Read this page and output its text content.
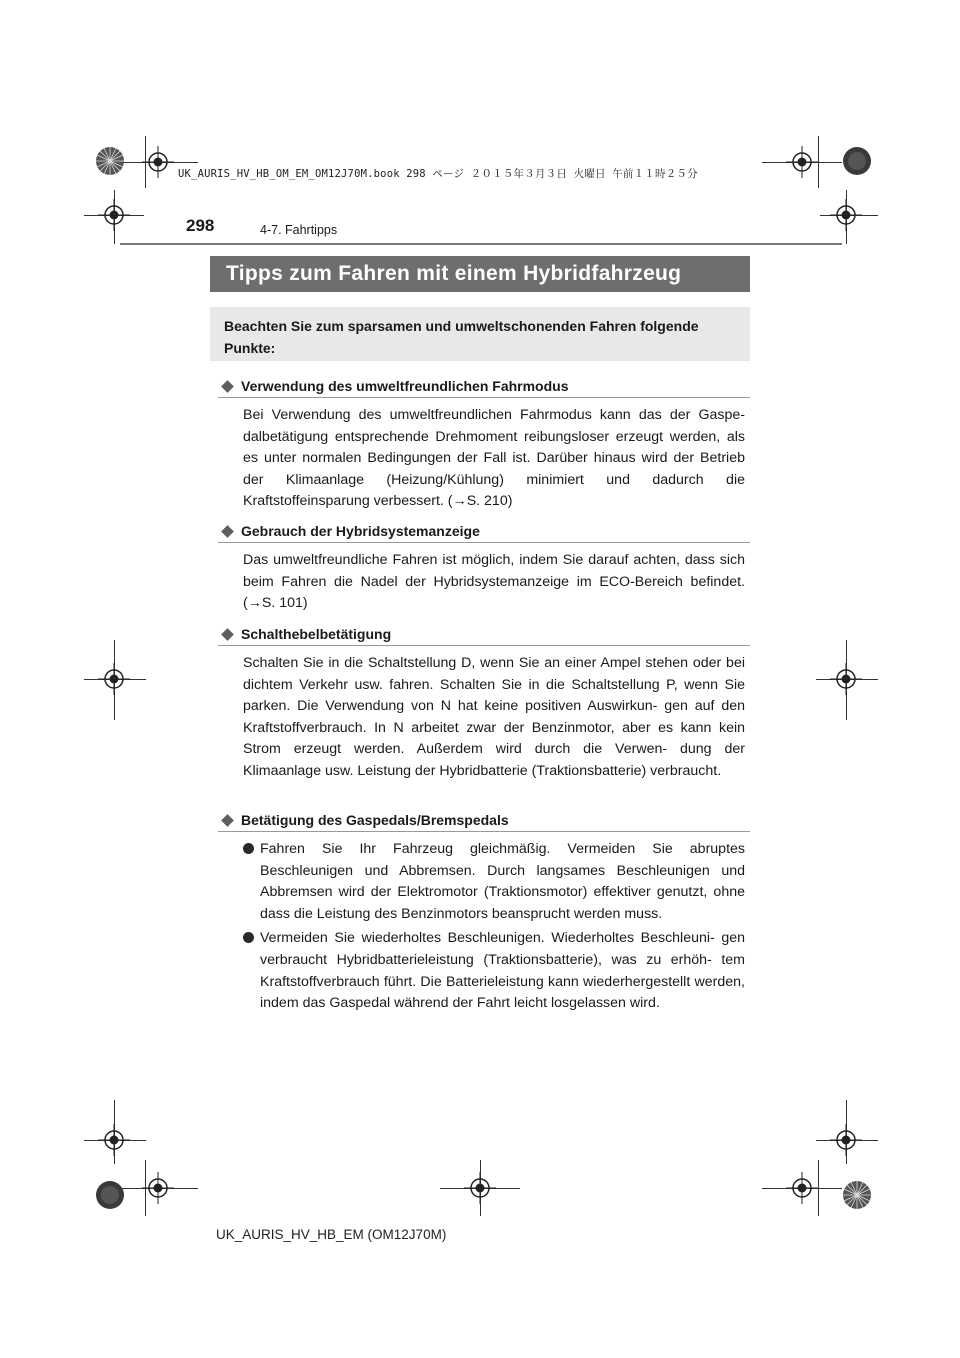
UK_AURIS_HV_HB_OM_EM_OM12J70M.book 298 ページ ２０１５年３月３日 火曜日 午前１１時２５分
298	4-7. Fahrtipps
Tipps zum Fahren mit einem Hybridfahrzeug
Beachten Sie zum sparsamen und umweltschonenden Fahren folgende Punkte:
Verwendung des umweltfreundlichen Fahrmodus
Bei Verwendung des umweltfreundlichen Fahrmodus kann das der Gaspe- dalbetätigung entsprechende Drehmoment reibungsloser erzeugt werden, als es unter normalen Bedingungen der Fall ist. Darüber hinaus wird der Betrieb der Klimaanlage (Heizung/Kühlung) minimiert und dadurch die Kraftstoffeinsparung verbessert. (→S. 210)
Gebrauch der Hybridsystemanzeige
Das umweltfreundliche Fahren ist möglich, indem Sie darauf achten, dass sich beim Fahren die Nadel der Hybridsystemanzeige im ECO-Bereich befindet. (→S. 101)
Schalthebelbetätigung
Schalten Sie in die Schaltstellung D, wenn Sie an einer Ampel stehen oder bei dichtem Verkehr usw. fahren. Schalten Sie in die Schaltstellung P, wenn Sie parken. Die Verwendung von N hat keine positiven Auswirkun- gen auf den Kraftstoffverbrauch. In N arbeitet zwar der Benzinmotor, aber es kann kein Strom erzeugt werden. Außerdem wird durch die Verwen- dung der Klimaanlage usw. Leistung der Hybridbatterie (Traktionsbatterie) verbraucht.
Betätigung des Gaspedals/Bremspedals
Fahren Sie Ihr Fahrzeug gleichmäßig. Vermeiden Sie abruptes Beschleunigen und Abbremsen. Durch langsames Beschleunigen und Abbremsen wird der Elektromotor (Traktionsmotor) effektiver genutzt, ohne dass die Leistung des Benzinmotors beansprucht werden muss.
Vermeiden Sie wiederholtes Beschleunigen. Wiederholtes Beschleuni- gen verbraucht Hybridbatterieleistung (Traktionsbatterie), was zu erhöh- tem Kraftstoffverbrauch führt. Die Batterieleistung kann wiederhergestellt werden, indem das Gaspedal während der Fahrt leicht losgelassen wird.
UK_AURIS_HV_HB_EM (OM12J70M)
